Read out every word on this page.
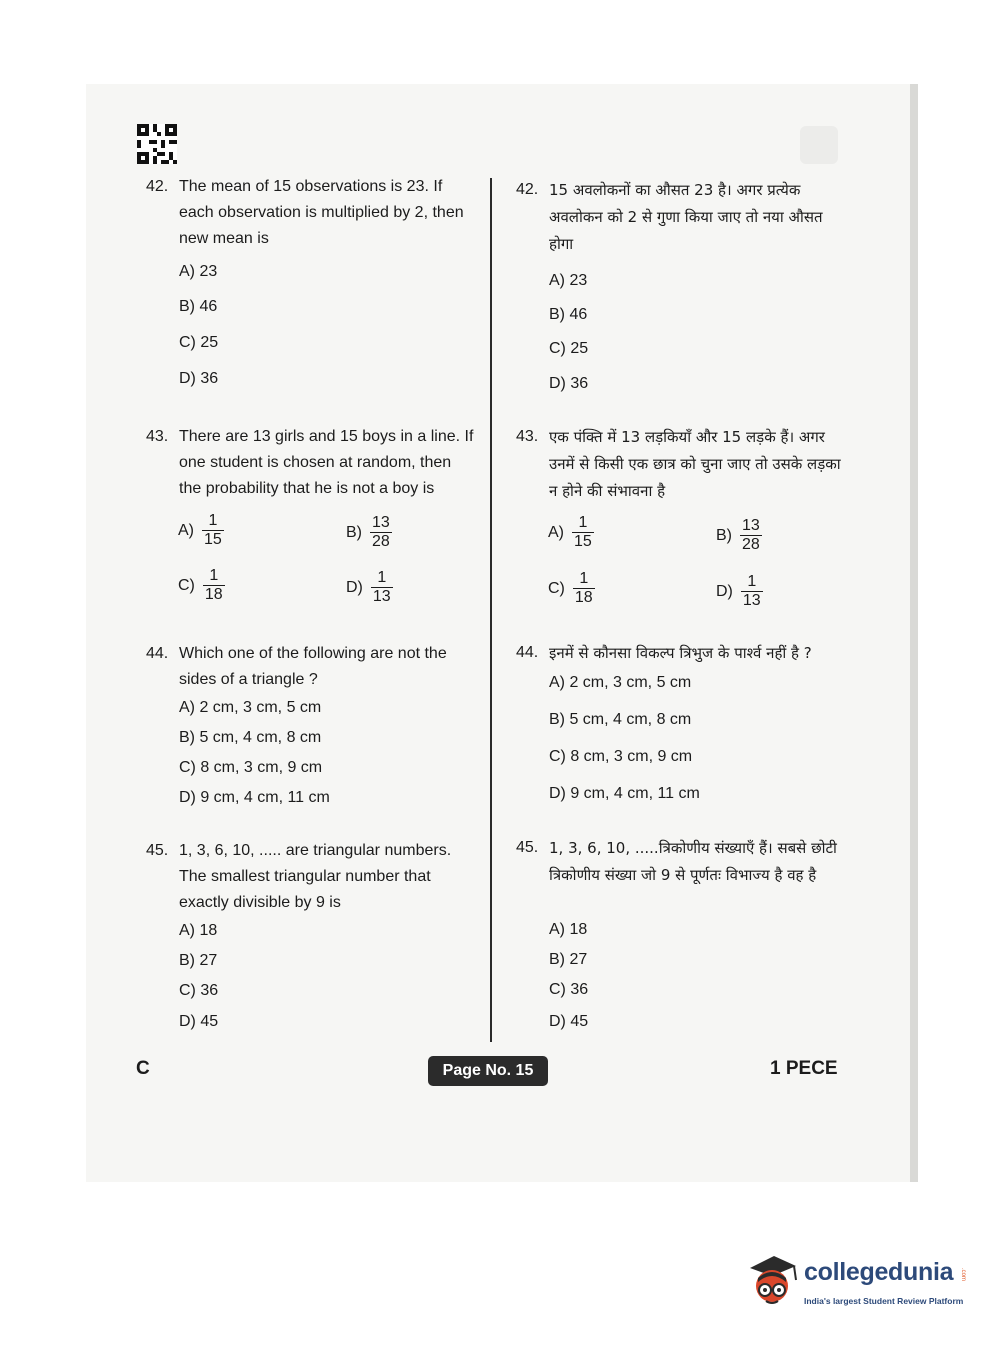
42. The mean of 15 observations is 23. If each observation is multiplied by 2, then new mean is
A) 23
B) 46
C) 25
D) 36
43. There are 13 girls and 15 boys in a line. If one student is chosen at random, then the probability that he is not a boy is
$A) \frac{1}{15}$	$B) \frac{13}{28}$
$C) \frac{1}{18}$	$D) \frac{1}{13}$
44. Which one of the following are not the sides of a triangle ?
A) 2 cm, 3 cm, 5 cm
B) 5 cm, 4 cm, 8 cm
C) 8 cm, 3 cm, 9 cm
D) 9 cm, 4 cm, 11 cm
45. 1, 3, 6, 10, ..... are triangular numbers. The smallest triangular number that exactly divisible by 9 is
A) 18
B) 27
C) 36
D) 45
42. 15 अवलोकनों का औसत 23 है। अगर प्रत्येक अवलोकन को 2 से गुणा किया जाए तो नया औसत होगा
A) 23
B) 46
C) 25
D) 36
43. एक पंक्ति में 13 लड़कियाँ और 15 लड़के हैं। अगर उनमें से किसी एक छात्र को चुना जाए तो उसके लड़का न होने की संभावना है
$A) \frac{1}{15}$	$B) \frac{13}{28}$
$C) \frac{1}{18}$	$D) \frac{1}{13}$
44. इनमें से कौनसा विकल्प त्रिभुज के पार्श्व नहीं है ?
A) 2 cm, 3 cm, 5 cm
B) 5 cm, 4 cm, 8 cm
C) 8 cm, 3 cm, 9 cm
D) 9 cm, 4 cm, 11 cm
45. 1, 3, 6, 10, .....त्रिकोणीय संख्याएँ हैं। सबसे छोटी त्रिकोणीय संख्या जो 9 से पूर्णतः विभाज्य है वह है
A) 18
B) 27
C) 36
D) 45
C	Page No. 15	1 PECE
collegedunia .com
India's largest Student Review Platform
